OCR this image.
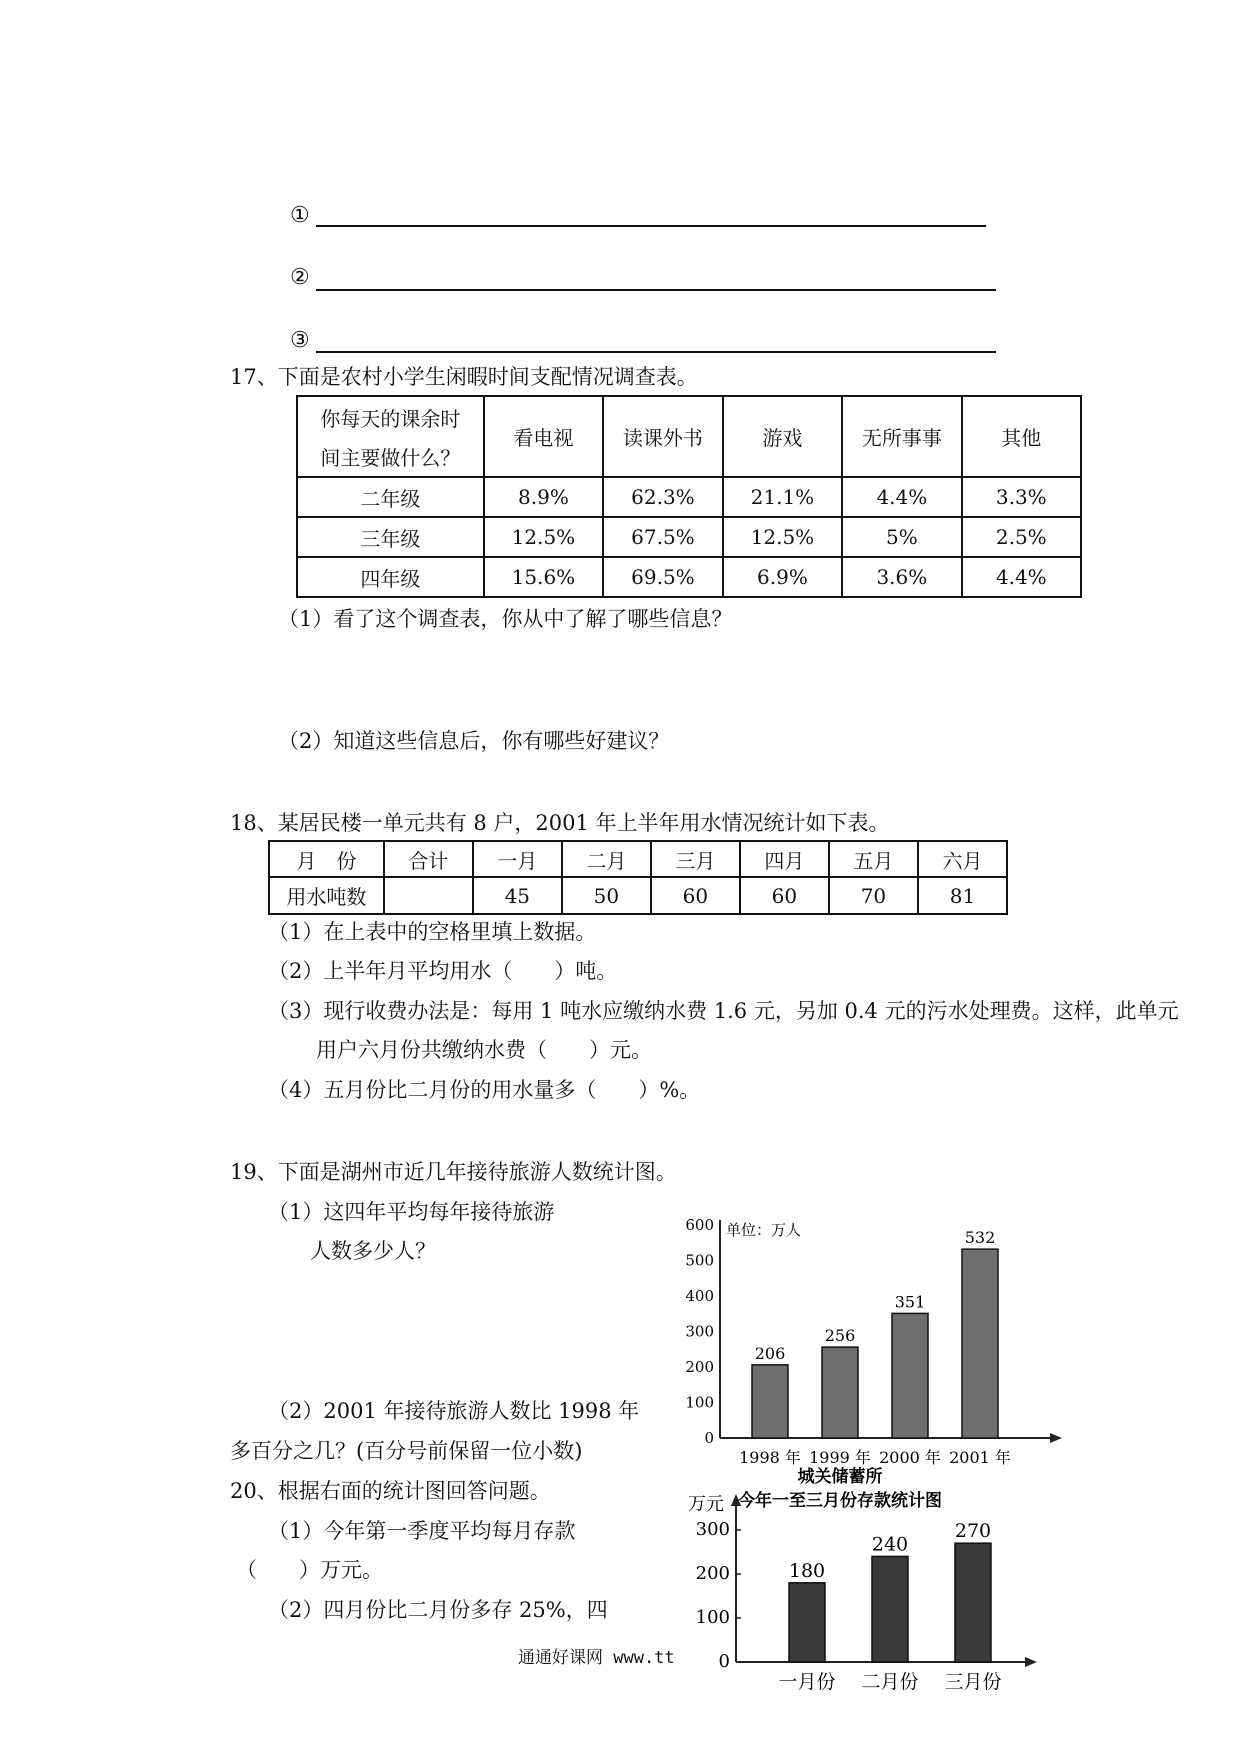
①
②
③
17、下面是农村小学生闲暇时间支配情况调查表。
你每天的课余时
间主要做什么？	看电视	读课外书	游戏	无所事事	其他
二年级	8.9%	62.3%	21.1%	4.4%	3.3%
三年级	12.5%	67.5%	12.5%	5%	2.5%
四年级	15.6%	69.5%	6.9%	3.6%	4.4%
（1）看了这个调查表，你从中了解了哪些信息？
（2）知道这些信息后，你有哪些好建议？
18、某居民楼一单元共有 8 户，2001 年上半年用水情况统计如下表。
月　份	合计	一月	二月	三月	四月	五月	六月
用水吨数		45	50	60	60	70	81
（1）在上表中的空格里填上数据。
（2）上半年月平均用水（　　）吨。
（3）现行收费办法是：每用 1 吨水应缴纳水费 1.6 元，另加 0.4 元的污水处理费。这样，此单元
用户六月份共缴纳水费（　　）元。
（4）五月份比二月份的用水量多（　　）%。
19、下面是湖州市近几年接待旅游人数统计图。
（1）这四年平均每年接待旅游
人数多少人？
（2）2001 年接待旅游人数比 1998 年
多百分之几？(百分号前保留一位小数)
单位：万人
0
100
200
300
400
500
600
206
1998 年
256
1999 年
351
2000 年
532
2001 年
20、根据右面的统计图回答问题。
（1）今年第一季度平均每月存款
（　　）万元。
（2）四月份比二月份多存 25%，四
通通好课网 www.tt
城关储蓄所
今年一至三月份存款统计图
万元
0
100
200
300
180
一月份
240
二月份
270
三月份
